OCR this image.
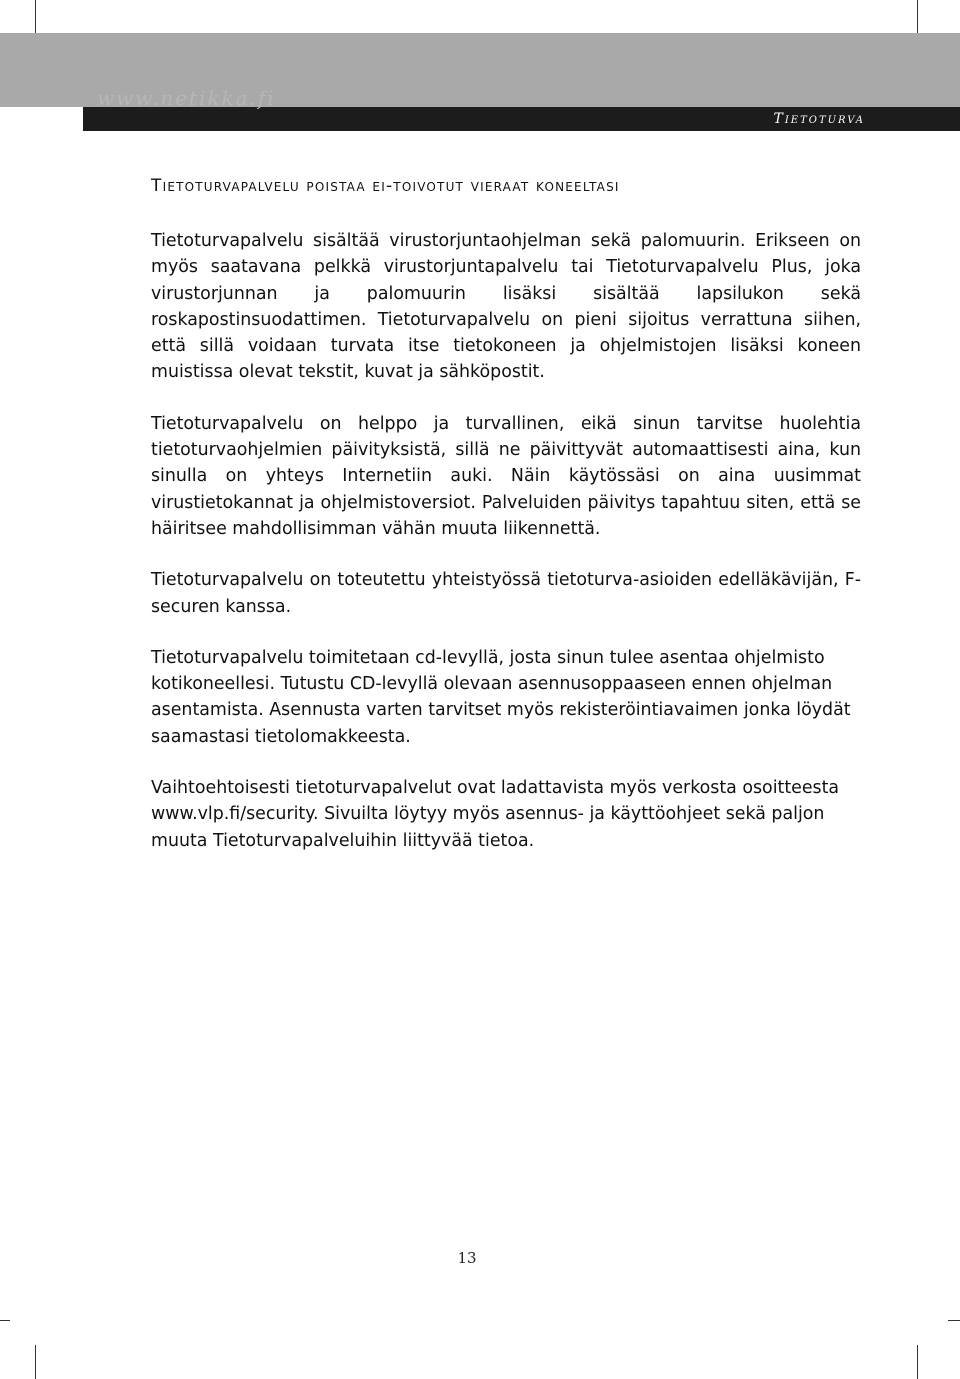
www.netikka.fi
Tietoturva
Tietoturvapalvelu poistaa ei-toivotut vieraat koneeltasi

Tietoturvapalvelu sisältää virustorjuntaohjelman sekä palomuurin. Erikseen on myös saatavana pelkkä virustorjuntapalvelu tai Tietoturvapalvelu Plus, joka virustorjunnan ja palomuurin lisäksi sisältää lapsilukon sekä roskapostinsuodattimen. Tietoturvapalvelu on pieni sijoitus verrattuna siihen, että sillä voidaan turvata itse tietokoneen ja ohjelmistojen lisäksi koneen muistissa olevat tekstit, kuvat ja sähköpostit.

Tietoturvapalvelu on helppo ja turvallinen, eikä sinun tarvitse huolehtia tietoturvaohjelmien päivityksistä, sillä ne päivittyvät automaattisesti aina, kun sinulla on yhteys Internetiin auki. Näin käytössäsi on aina uusimmat virustietokannat ja ohjelmistoversiot. Palveluiden päivitys tapahtuu siten, että se häiritsee mahdollisimman vähän muuta liikennettä.

Tietoturvapalvelu on toteutettu yhteistyössä tietoturva-asioiden edelläkävijän, F-securen kanssa.

Tietoturvapalvelu toimitetaan cd-levyllä, josta sinun tulee asentaa ohjelmisto kotikoneellesi. Tutustu CD-levyllä olevaan asennusoppaaseen ennen ohjelman asentamista. Asennusta varten tarvitset myös rekisteröintiavaimen jonka löydät saamastasi tietolomakkeesta.

Vaihtoehtoisesti tietoturvapalvelut ovat ladattavista myös verkosta osoitteesta www.vlp.fi/security. Sivuilta löytyy myös asennus- ja käyttöohjeet sekä paljon muuta Tietoturvapalveluihin liittyvää tietoa.

13
